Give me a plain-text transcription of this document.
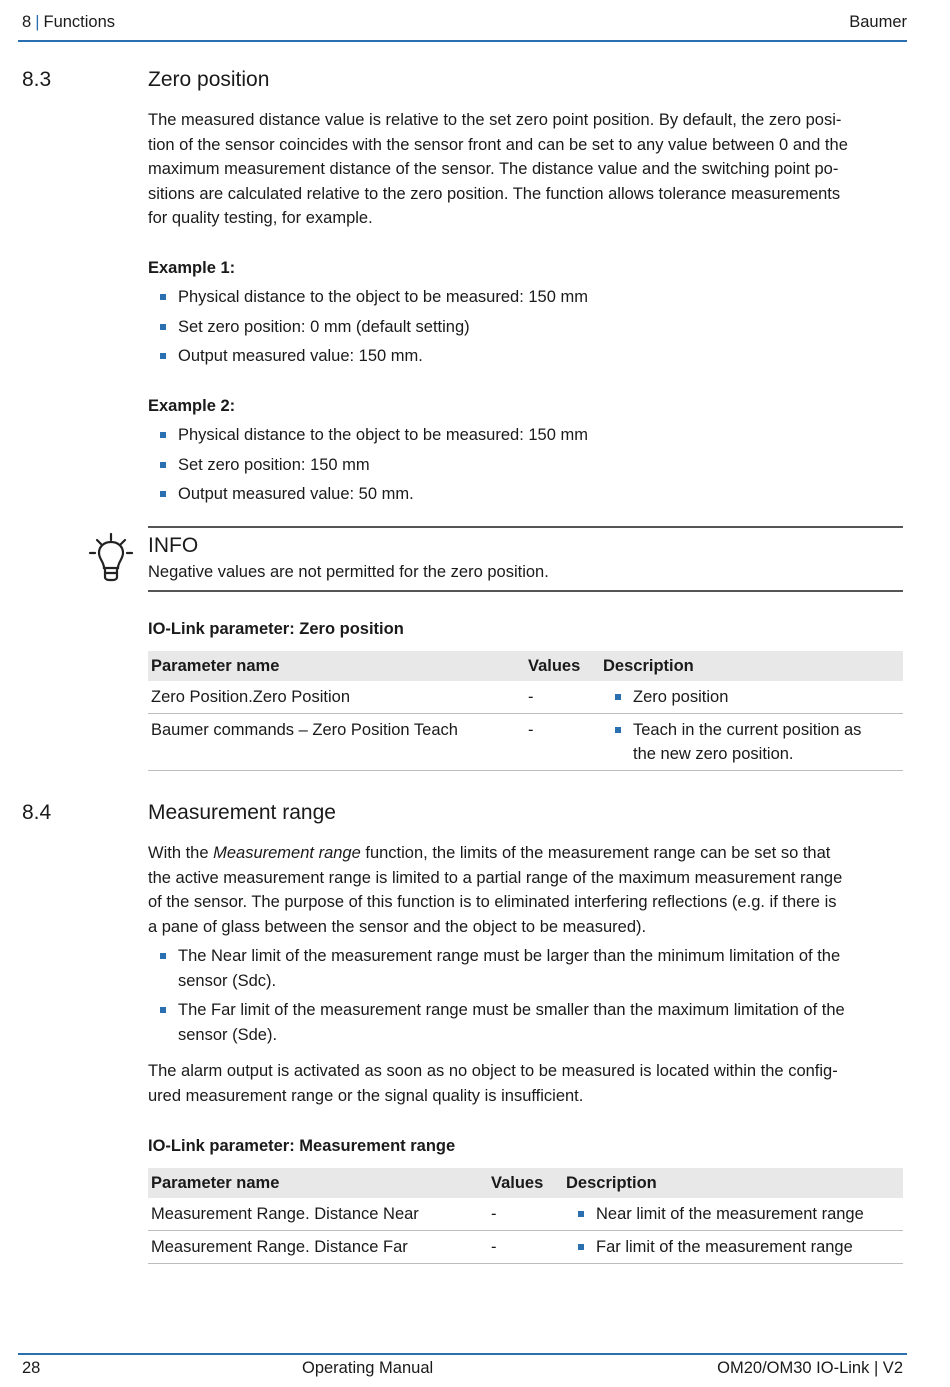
8 | Functions	Baumer
8.3	Zero position
The measured distance value is relative to the set zero point position. By default, the zero posi-
tion of the sensor coincides with the sensor front and can be set to any value between 0 and the
maximum measurement distance of the sensor. The distance value and the switching point po-
sitions are calculated relative to the zero position. The function allows tolerance measurements
for quality testing, for example.
Example 1:
Physical distance to the object to be measured: 150 mm
Set zero position: 0 mm (default setting)
Output measured value: 150 mm.
Example 2:
Physical distance to the object to be measured: 150 mm
Set zero position: 150 mm
Output measured value: 50 mm.
INFO
Negative values are not permitted for the zero position.
IO-Link parameter: Zero position
Parameter name	Values	Description
Zero Position.Zero Position	-	Zero position

Baumer commands – Zero Position Teach	-	Teach in the current position as
the new zero position.
8.4	Measurement range
With the Measurement range function, the limits of the measurement range can be set so that
the active measurement range is limited to a partial range of the maximum measurement range
of the sensor. The purpose of this function is to eliminated interfering reflections (e.g. if there is
a pane of glass between the sensor and the object to be measured).
The Near limit of the measurement range must be larger than the minimum limitation of the
sensor (Sdc).
The Far limit of the measurement range must be smaller than the maximum limitation of the
sensor (Sde).
The alarm output is activated as soon as no object to be measured is located within the config-
ured measurement range or the signal quality is insufficient.
IO-Link parameter: Measurement range
Parameter name	Values	Description
Measurement Range. Distance Near	-	Near limit of the measurement range

Measurement Range. Distance Far	-	Far limit of the measurement range
28	Operating Manual	OM20/OM30 IO-Link | V2
